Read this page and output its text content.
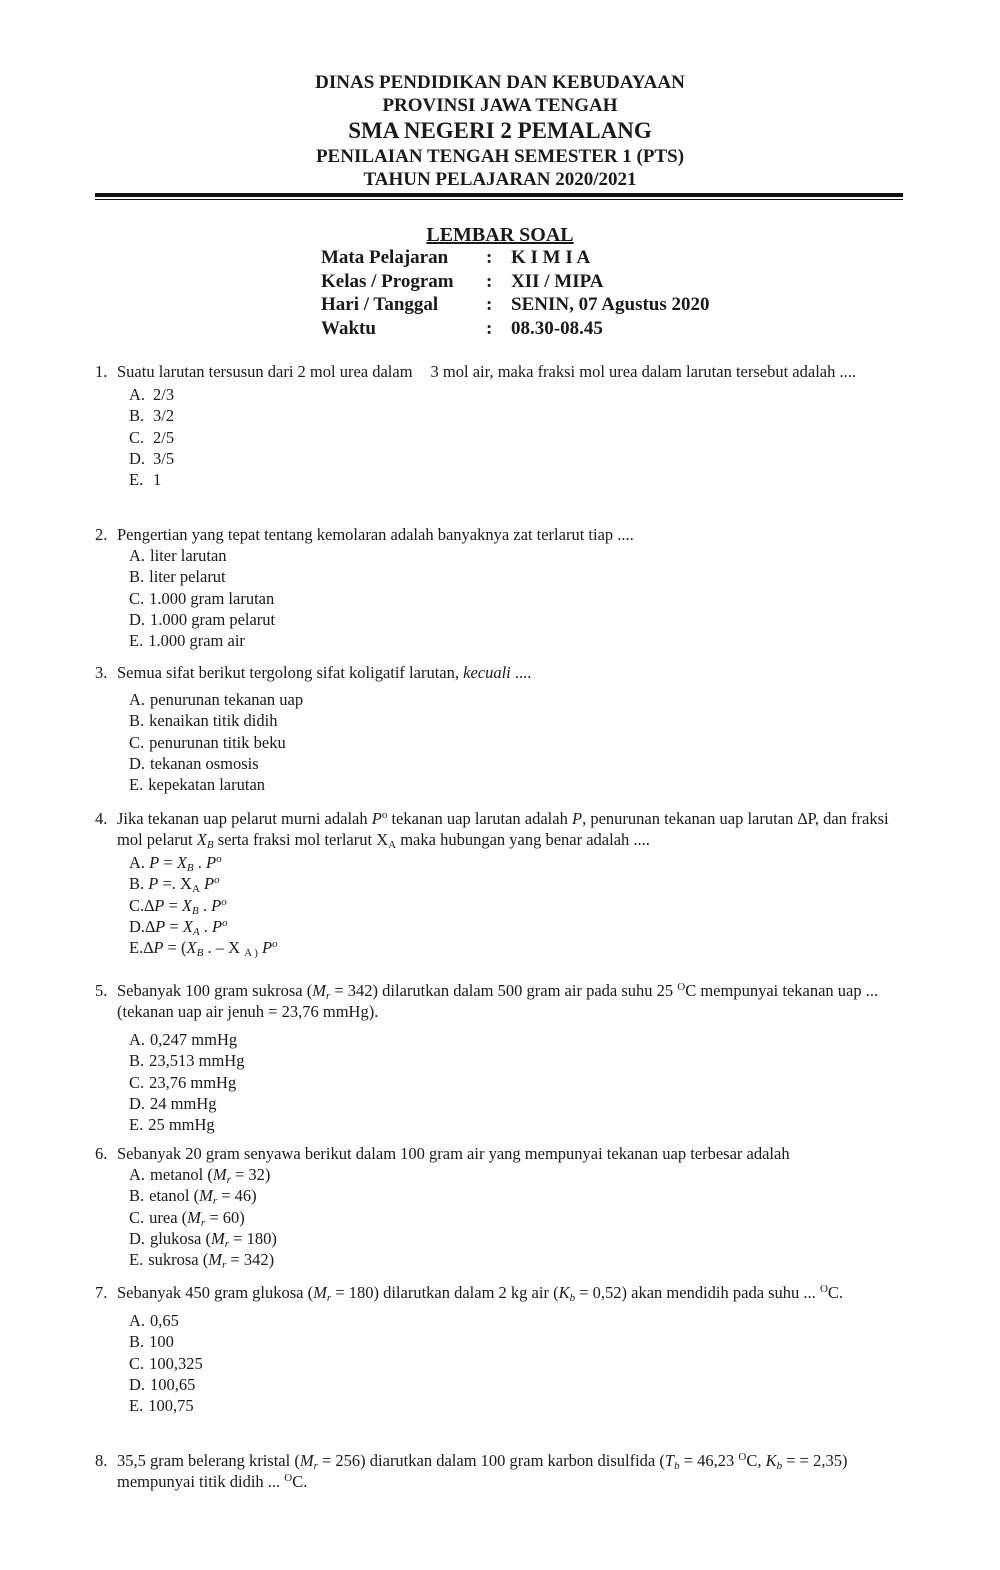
DINAS PENDIDIKAN DAN KEBUDAYAAN
PROVINSI JAWA TENGAH
SMA NEGERI 2 PEMALANG
PENILAIAN TENGAH SEMESTER 1 (PTS)
TAHUN PELAJARAN 2020/2021
LEMBAR SOAL
Mata Pelajaran : K I M I A
Kelas / Program : XII / MIPA
Hari / Tanggal	: SENIN, 07 Agustus 2020
Waktu	: 08.30-08.45
1. Suatu larutan tersusun dari 2 mol urea dalam 3 mol air, maka fraksi mol urea dalam larutan tersebut adalah ....
A. 2/3
B. 3/2
C. 2/5
D. 3/5
E. 1
2. Pengertian yang tepat tentang kemolaran adalah banyaknya zat terlarut tiap ....
A. liter larutan
B. liter pelarut
C. 1.000 gram larutan
D. 1.000 gram pelarut
E. 1.000 gram air
3. Semua sifat berikut tergolong sifat koligatif larutan, kecuali ....
A. penurunan tekanan uap
B. kenaikan titik didih
C. penurunan titik beku
D. tekanan osmosis
E. kepekatan larutan
4. Jika tekanan uap pelarut murni adalah $P^o$ tekanan uap larutan adalah P, penurunan tekanan uap larutan ∆P, dan fraksi mol pelarut $X_B$ serta fraksi mol terlarut $X_A$ maka hubungan yang benar adalah ....
A. $P = X_B$ . $P^o$
B. P =. $X_A$ $P^o$
$C.\Delta P = X_B$ . $P^o$
$D.\Delta P = X_A$ . $P^o$
$E.\Delta P = (X_B$ . – X $_{A )}$ $P^o$
5. Sebanyak 100 gram sukrosa $(M_r = 342)$ dilarutkan dalam 500 gram air pada suhu 25 $^O$C mempunyai tekanan uap ... (tekanan uap air jenuh = 23,76 mmHg).
A. 0,247 mmHg
B. 23,513 mmHg
C. 23,76 mmHg
D. 24 mmHg
E. 25 mmHg
6. Sebanyak 20 gram senyawa berikut dalam 100 gram air yang mempunyai tekanan uap terbesar adalah
A. metanol $(M_r = 32)$
B. etanol $(M_r = 46)$
C. urea $(M_r = 60)$
D. glukosa $(M_r = 180)$
E. sukrosa $(M_r = 342)$
7. Sebanyak 450 gram glukosa $(M_r = 180)$ dilarutkan dalam 2 kg air $(K_b = 0,52)$ akan mendidih pada suhu ... $^O$C.
A. 0,65
B. 100
C. 100,325
D. 100,65
E. 100,75
8. 35,5 gram belerang kristal $(M_r = 256)$ diarutkan dalam 100 gram karbon disulfida ($T_b = 46,23$ $^O$C, $K_b$ = = 2,35) mempunyai titik didih ... $^O$C.
